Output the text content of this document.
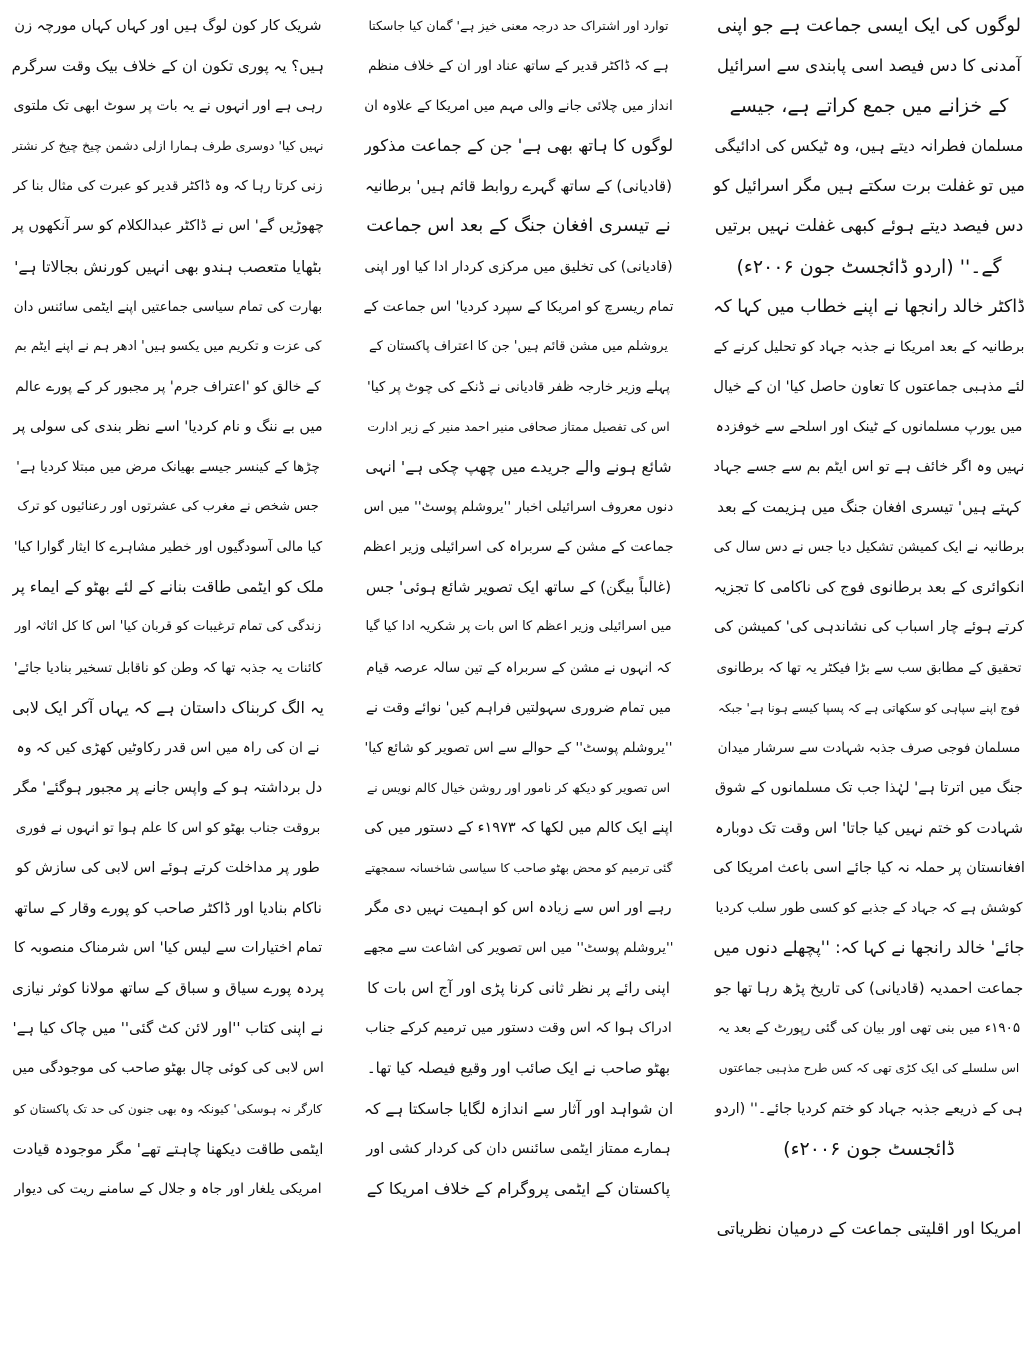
لوگوں کی ایک ایسی جماعت ہے جو اپنی
آمدنی کا دس فیصد اسی پابندی سے اسرائیل
کے خزانے میں جمع کراتے ہے، جیسے
مسلمان فطرانہ دیتے ہیں، وہ ٹیکس کی ادائیگی
میں تو غفلت برت سکتے ہیں مگر اسرائیل کو
دس فیصد دیتے ہوئے کبھی غفلت نہیں برتیں
گے۔'' (اردو ڈائجسٹ جون ۲۰۰۶ء)
ڈاکٹر خالد رانجھا نے اپنے خطاب میں کہا کہ
برطانیہ کے بعد امریکا نے جذبہ جہاد کو تحلیل کرنے کے
لئے مذہبی جماعتوں کا تعاون حاصل کیا' ان کے خیال
میں یورپ مسلمانوں کے ٹینک اور اسلحے سے خوفزدہ
نہیں وہ اگر خائف ہے تو اس ایٹم بم سے جسے جہاد
کہتے ہیں' تیسری افغان جنگ میں ہزیمت کے بعد
برطانیہ نے ایک کمیشن تشکیل دیا جس نے دس سال کی
انکوائری کے بعد برطانوی فوج کی ناکامی کا تجزیہ
کرتے ہوئے چار اسباب کی نشاندہی کی' کمیشن کی
تحقیق کے مطابق سب سے بڑا فیکٹر یہ تھا کہ برطانوی
فوج اپنے سپاہی کو سکھاتی ہے کہ پسپا کیسے ہونا ہے' جبکہ
مسلمان فوجی صرف جذبہ شہادت سے سرشار میدان
جنگ میں اترتا ہے' لہٰذا جب تک مسلمانوں کے شوق
شہادت کو ختم نہیں کیا جاتا' اس وقت تک دوبارہ
افغانستان پر حملہ نہ کیا جائے اسی باعث امریکا کی
کوشش ہے کہ جہاد کے جذبے کو کسی طور سلب کردیا
جائے' خالد رانجھا نے کہا کہ: ''پچھلے دنوں میں
جماعت احمدیہ (قادیانی) کی تاریخ پڑھ رہا تھا جو
۱۹۰۵ء میں بنی تھی اور بیان کی گئی رپورٹ کے بعد یہ
اس سلسلے کی ایک کڑی تھی کہ کس طرح مذہبی جماعتوں
ہی کے ذریعے جذبہ جہاد کو ختم کردیا جائے۔'' (اردو
ڈائجسٹ جون ۲۰۰۶ء)
امریکا اور اقلیتی جماعت کے درمیان نظریاتی
توارد اور اشتراک حد درجہ معنی خیز ہے' گمان کیا جاسکتا
ہے کہ ڈاکٹر قدیر کے ساتھ عناد اور ان کے خلاف منظم
انداز میں چلائی جانے والی مہم میں امریکا کے علاوہ ان
لوگوں کا ہاتھ بھی ہے' جن کے جماعت مذکور
(قادیانی) کے ساتھ گہرے روابط قائم ہیں' برطانیہ
نے تیسری افغان جنگ کے بعد اس جماعت
(قادیانی) کی تخلیق میں مرکزی کردار ادا کیا اور اپنی
تمام ریسرچ کو امریکا کے سپرد کردیا' اس جماعت کے
یروشلم میں مشن قائم ہیں' جن کا اعتراف پاکستان کے
پہلے وزیر خارجہ ظفر قادیانی نے ڈنکے کی چوٹ پر کیا'
اس کی تفصیل ممتاز صحافی منیر احمد منیر کے زیر ادارت
شائع ہونے والے جریدے میں چھپ چکی ہے' انہی
دنوں معروف اسرائیلی اخبار ''یروشلم پوسٹ'' میں اس
جماعت کے مشن کے سربراہ کی اسرائیلی وزیر اعظم
(غالباً بیگن) کے ساتھ ایک تصویر شائع ہوئی' جس
میں اسرائیلی وزیر اعظم کا اس بات پر شکریہ ادا کیا گیا
کہ انہوں نے مشن کے سربراہ کے تین سالہ عرصہ قیام
میں تمام ضروری سہولتیں فراہم کیں' نوائے وقت نے
''یروشلم پوسٹ'' کے حوالے سے اس تصویر کو شائع کیا'
اس تصویر کو دیکھ کر نامور اور روشن خیال کالم نویس نے
اپنے ایک کالم میں لکھا کہ ۱۹۷۳ء کے دستور میں کی
گئی ترمیم کو محض بھٹو صاحب کا سیاسی شاخسانہ سمجھتے
رہے اور اس سے زیادہ اس کو اہمیت نہیں دی مگر
''یروشلم پوسٹ'' میں اس تصویر کی اشاعت سے مجھے
اپنی رائے پر نظر ثانی کرنا پڑی اور آج اس بات کا
ادراک ہوا کہ اس وقت دستور میں ترمیم کرکے جناب
بھٹو صاحب نے ایک صائب اور وقیع فیصلہ کیا تھا۔
ان شواہد اور آثار سے اندازہ لگایا جاسکتا ہے کہ
ہمارے ممتاز ایٹمی سائنس دان کی کردار کشی اور
پاکستان کے ایٹمی پروگرام کے خلاف امریکا کے
شریک کار کون لوگ ہیں اور کہاں کہاں مورچہ زن
ہیں؟ یہ پوری تکون ان کے خلاف بیک وقت سرگرم
رہی ہے اور انہوں نے یہ بات پر سوٹ ابھی تک ملتوی
نہیں کیا' دوسری طرف ہمارا ازلی دشمن چیخ چیخ کر نشتر
زنی کرتا رہا کہ وہ ڈاکٹر قدیر کو عبرت کی مثال بنا کر
چھوڑیں گے' اس نے ڈاکٹر عبدالکلام کو سر آنکھوں پر
بٹھایا متعصب ہندو بھی انہیں کورنش بجالاتا ہے'
بھارت کی تمام سیاسی جماعتیں اپنے ایٹمی سائنس دان
کی عزت و تکریم میں یکسو ہیں' ادھر ہم نے اپنے ایٹم بم
کے خالق کو 'اعتراف جرم' پر مجبور کر کے پورے عالم
میں بے ننگ و نام کردیا' اسے نظر بندی کی سولی پر
چڑھا کے کینسر جیسے بھیانک مرض میں مبتلا کردیا ہے'
جس شخص نے مغرب کی عشرتوں اور رعنائیوں کو ترک
کیا مالی آسودگیوں اور خطیر مشاہرے کا ایثار گوارا کیا'
ملک کو ایٹمی طاقت بنانے کے لئے بھٹو کے ایماء پر
زندگی کی تمام ترغیبات کو قربان کیا' اس کا کل اثاثہ اور
کائنات یہ جذبہ تھا کہ وطن کو ناقابل تسخیر بنادیا جائے'
یہ الگ کربناک داستان ہے کہ یہاں آکر ایک لابی
نے ان کی راہ میں اس قدر رکاوٹیں کھڑی کیں کہ وہ
دل برداشتہ ہو کے واپس جانے پر مجبور ہوگئے' مگر
بروقت جناب بھٹو کو اس کا علم ہوا تو انہوں نے فوری
طور پر مداخلت کرتے ہوئے اس لابی کی سازش کو
ناکام بنادیا اور ڈاکٹر صاحب کو پورے وقار کے ساتھ
تمام اختیارات سے لیس کیا' اس شرمناک منصوبہ کا
پردہ پورے سیاق و سباق کے ساتھ مولانا کوثر نیازی
نے اپنی کتاب ''اور لائن کٹ گئی'' میں چاک کیا ہے'
اس لابی کی کوئی چال بھٹو صاحب کی موجودگی میں
کارگر نہ ہوسکی' کیونکہ وہ بھی جنون کی حد تک پاکستان کو
ایٹمی طاقت دیکھنا چاہتے تھے' مگر موجودہ قیادت
امریکی یلغار اور جاہ و جلال کے سامنے ریت کی دیوار
